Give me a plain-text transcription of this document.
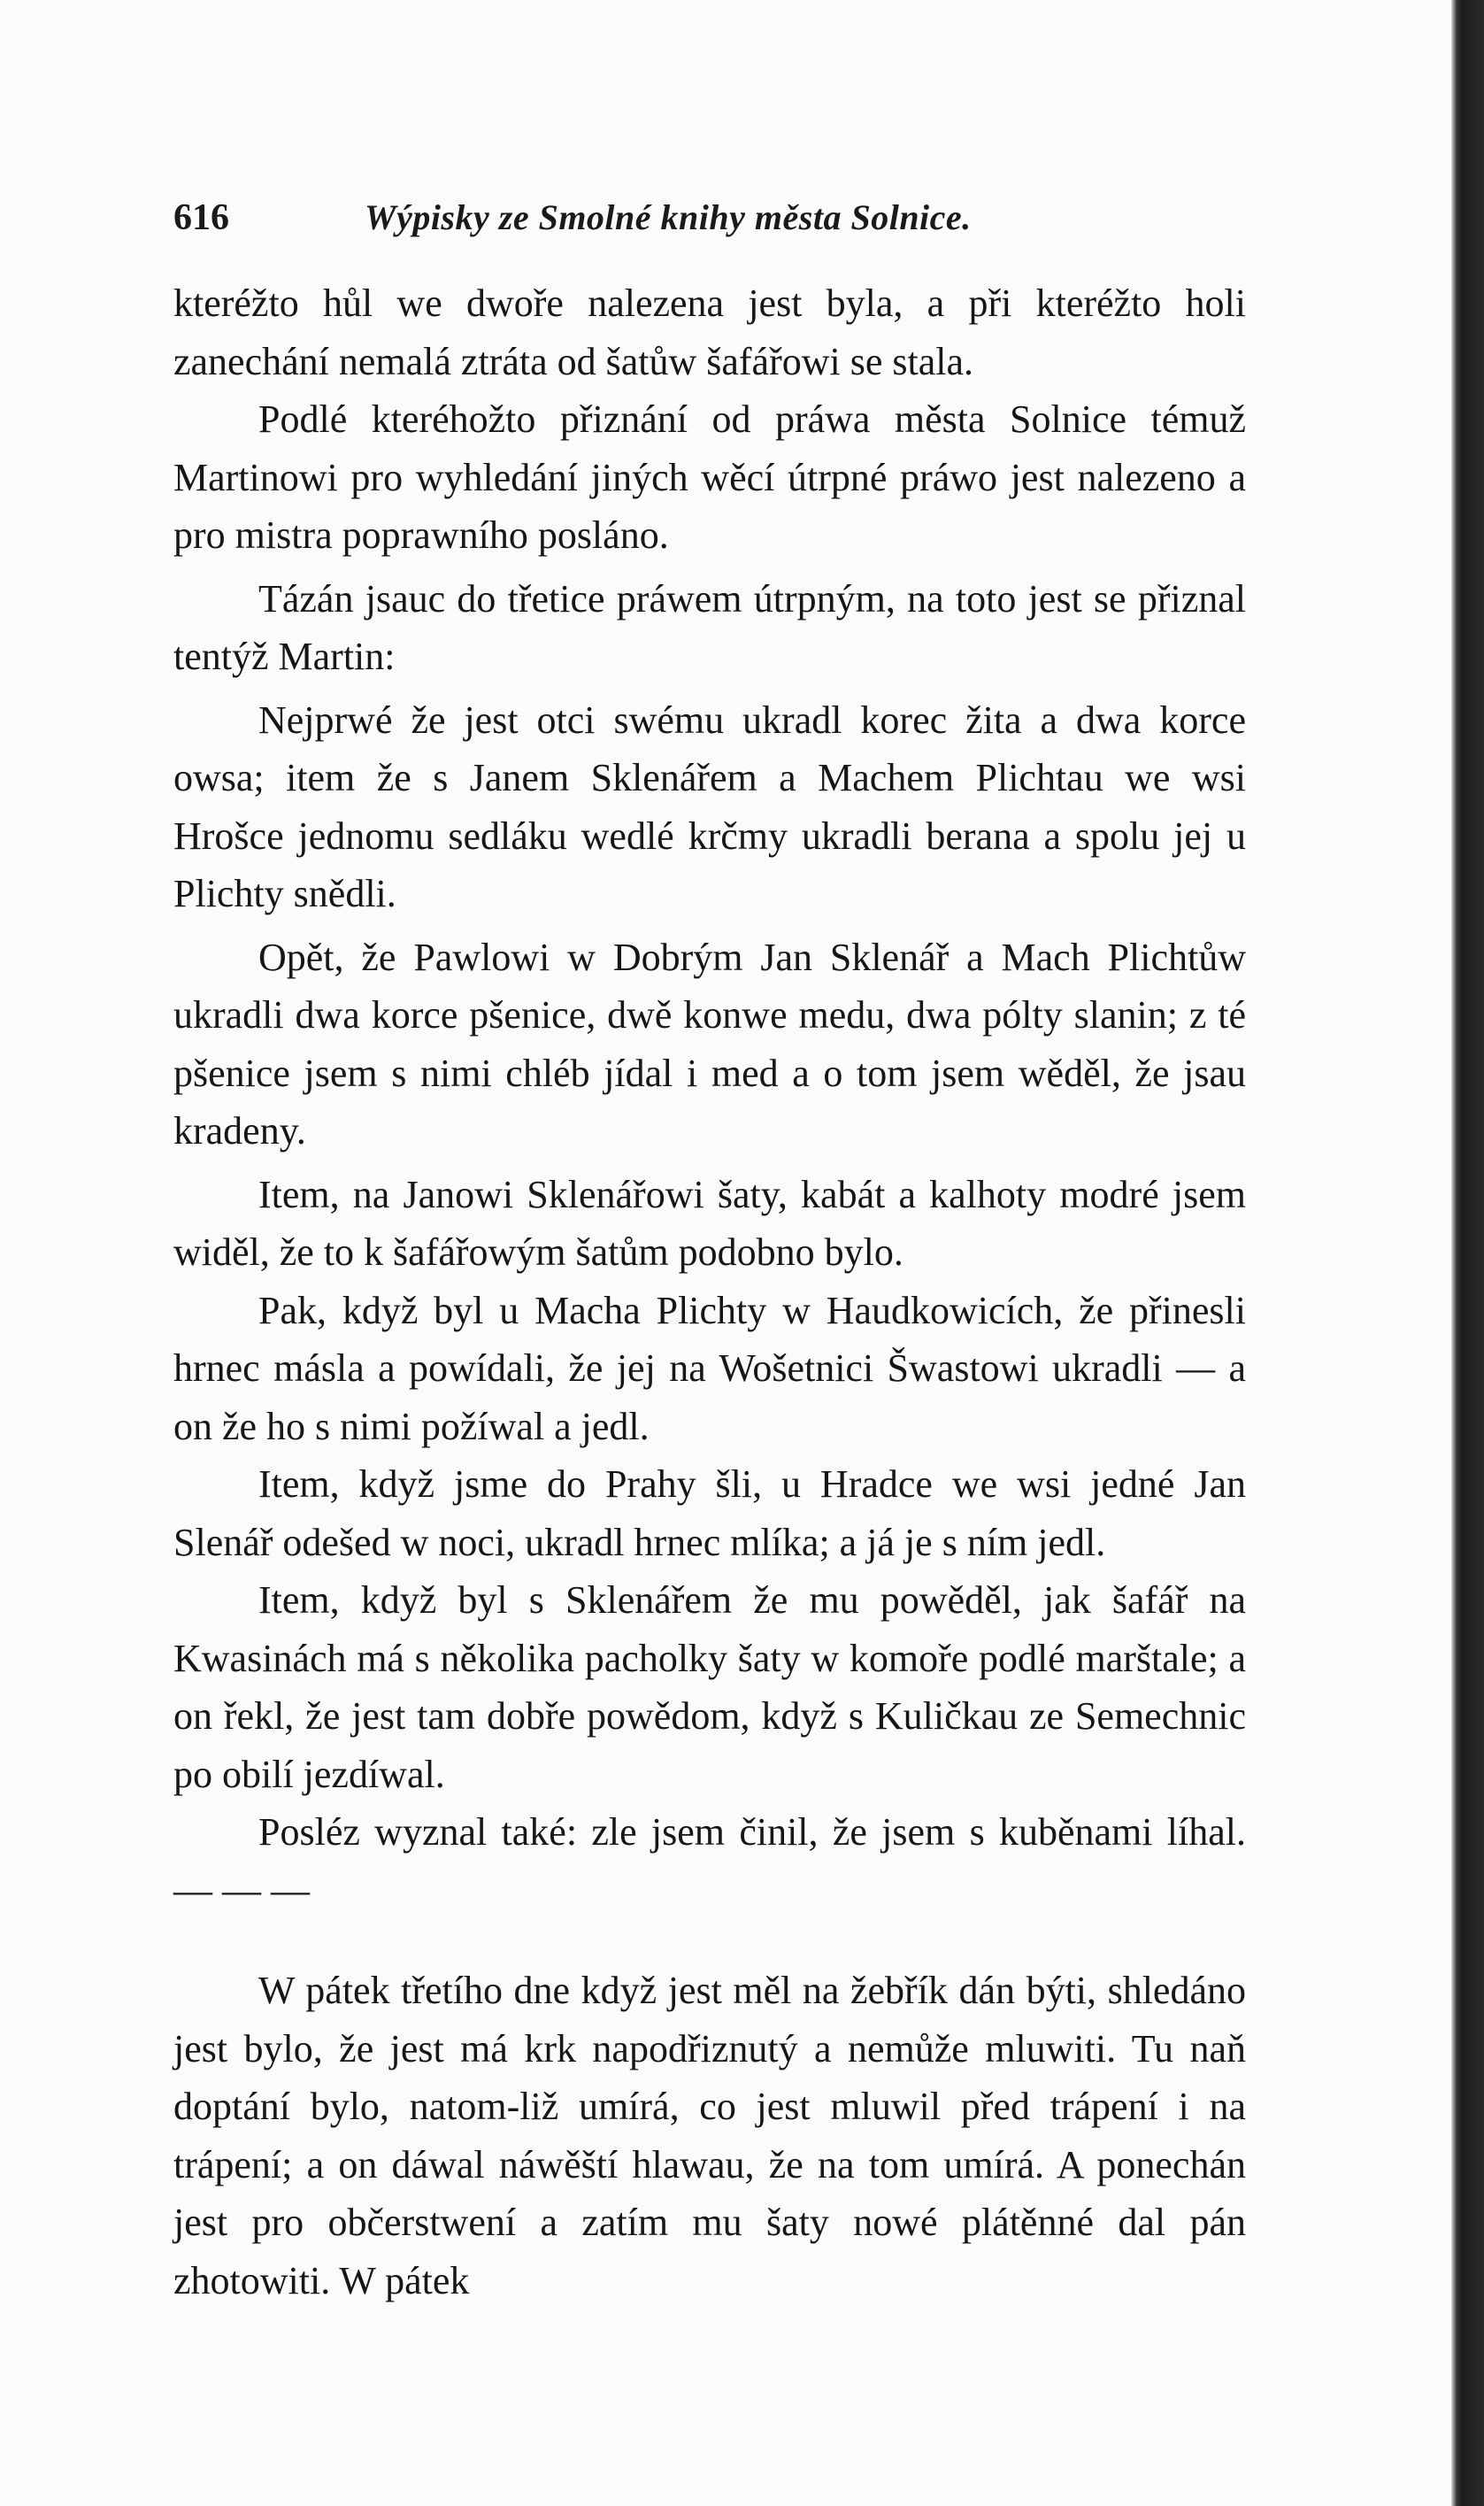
616	Wýpisky ze Smolné knihy města Solnice.

kteréžto hůl we dwoře nalezena jest byla, a při kteréžto holi zanechání nemalá ztráta od šatůw šafářowi se stala.

Podlé kteréhožto přiznání od práwa města Solnice témuž Martinowi pro wyhledání jiných wěcí útrpné práwo jest nalezeno a pro mistra poprawního posláno.

Tázán jsauc do třetice práwem útrpným, na toto jest se přiznal tentýž Martin:

Nejprwé že jest otci swému ukradl korec žita a dwa korce owsa; item že s Janem Sklenářem a Machem Plichtau we wsi Hrošce jednomu sedláku wedlé krčmy ukradli berana a spolu jej u Plichty snědli.

Opět, že Pawlowi w Dobrým Jan Sklenář a Mach Plichtůw ukradli dwa korce pšenice, dwě konwe medu, dwa pólty slanin; z té pšenice jsem s nimi chléb jídal i med a o tom jsem wěděl, že jsau kradeny.

Item, na Janowi Sklenářowi šaty, kabát a kalhoty modré jsem widěl, že to k šafářowým šatům podobno bylo.

Pak, když byl u Macha Plichty w Haudkowicích, že přinesli hrnec másla a powídali, že jej na Wošetnici Šwastowi ukradli — a on že ho s nimi požíwal a jedl.

Item, když jsme do Prahy šli, u Hradce we wsi jedné Jan Slenář odešed w noci, ukradl hrnec mlíka; a já je s ním jedl.

Item, když byl s Sklenářem že mu powěděl, jak šafář na Kwasinách má s několika pacholky šaty w komoře podlé marštale; a on řekl, že jest tam dobře powědom, když s Kuličkau ze Semechnic po obilí jezdíwal.

Posléz wyznal také: zle jsem činil, že jsem s kuběnami líhal. — — —

W pátek třetího dne když jest měl na žebřík dán býti, shledáno jest bylo, že jest má krk napodřiznutý a nemůže mluwiti. Tu naň doptání bylo, natom-liž umírá, co jest mluwil před trápení i na trápení; a on dáwal náwěští hlawau, že na tom umírá. A ponechán jest pro občerstwení a zatím mu šaty nowé plátěnné dal pán zhotowiti. W pátek
